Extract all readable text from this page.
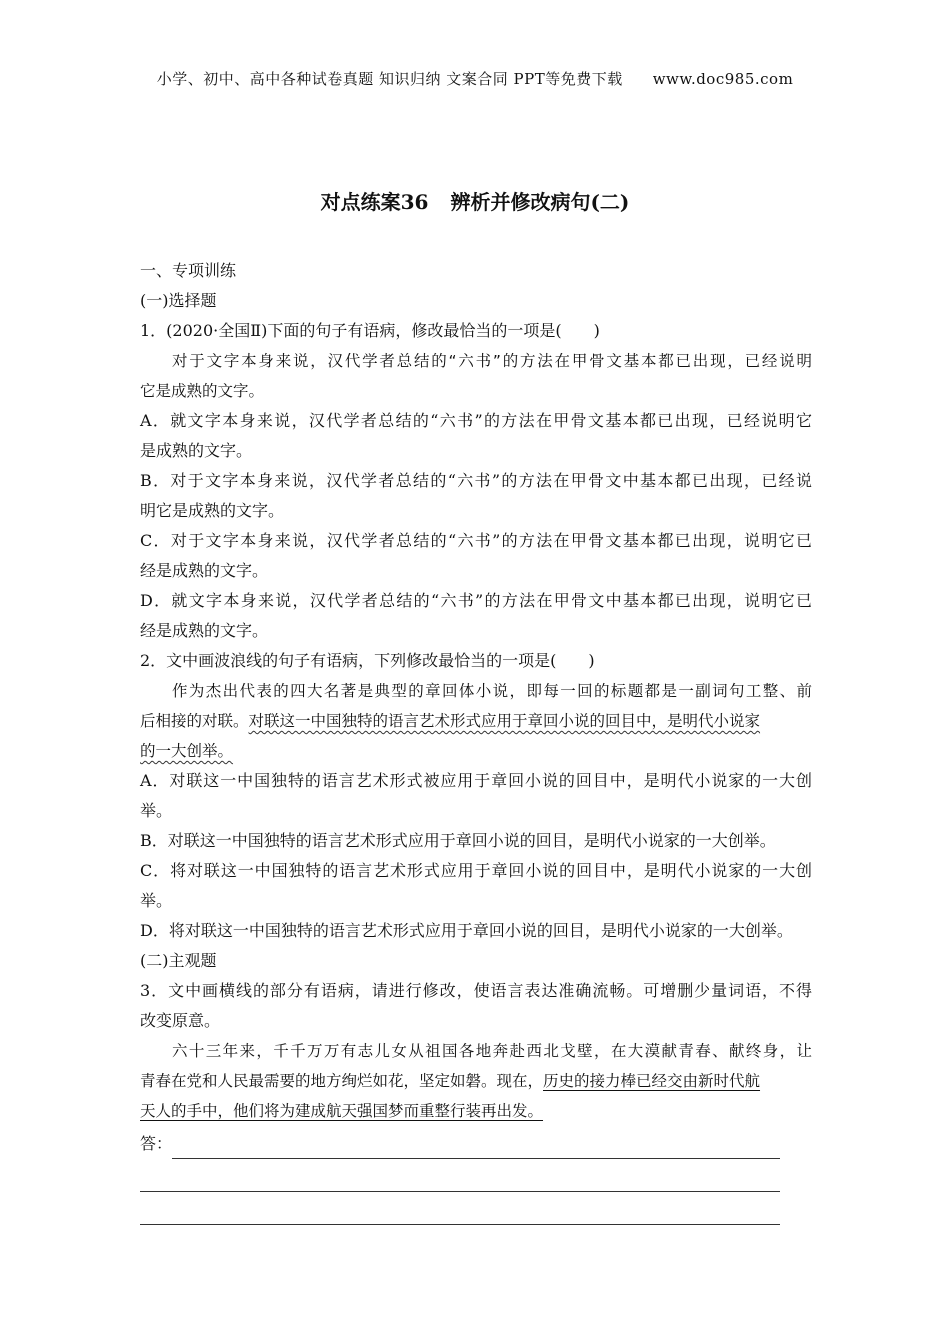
小学、初中、高中各种试卷真题 知识归纳 文案合同 PPT等免费下载 www.doc985.com
对点练案36 辨析并修改病句(二)
一、专项训练
(一)选择题
1．(2020·全国Ⅱ)下面的句子有语病，修改最恰当的一项是(　　)
对于文字本身来说，汉代学者总结的“六书”的方法在甲骨文基本都已出现，已经说明
它是成熟的文字。
A．就文字本身来说，汉代学者总结的“六书”的方法在甲骨文基本都已出现，已经说明它
是成熟的文字。
B．对于文字本身来说，汉代学者总结的“六书”的方法在甲骨文中基本都已出现，已经说
明它是成熟的文字。
C．对于文字本身来说，汉代学者总结的“六书”的方法在甲骨文基本都已出现，说明它已
经是成熟的文字。
D．就文字本身来说，汉代学者总结的“六书”的方法在甲骨文中基本都已出现，说明它已
经是成熟的文字。
2．文中画波浪线的句子有语病，下列修改最恰当的一项是(　　)
作为杰出代表的四大名著是典型的章回体小说，即每一回的标题都是一副词句工整、前
后相接的对联。对联这一中国独特的语言艺术形式应用于章回小说的回目中，是明代小说家
的一大创举。
A．对联这一中国独特的语言艺术形式被应用于章回小说的回目中，是明代小说家的一大创
举。
B．对联这一中国独特的语言艺术形式应用于章回小说的回目，是明代小说家的一大创举。
C．将对联这一中国独特的语言艺术形式应用于章回小说的回目中，是明代小说家的一大创
举。
D．将对联这一中国独特的语言艺术形式应用于章回小说的回目，是明代小说家的一大创举。
(二)主观题
3．文中画横线的部分有语病，请进行修改，使语言表达准确流畅。可增删少量词语，不得
改变原意。
六十三年来，千千万万有志儿女从祖国各地奔赴西北戈壁，在大漠献青春、献终身，让
青春在党和人民最需要的地方绚烂如花，坚定如磐。现在，历史的接力棒已经交由新时代航
天人的手中，他们将为建成航天强国梦而重整行装再出发。
答：
